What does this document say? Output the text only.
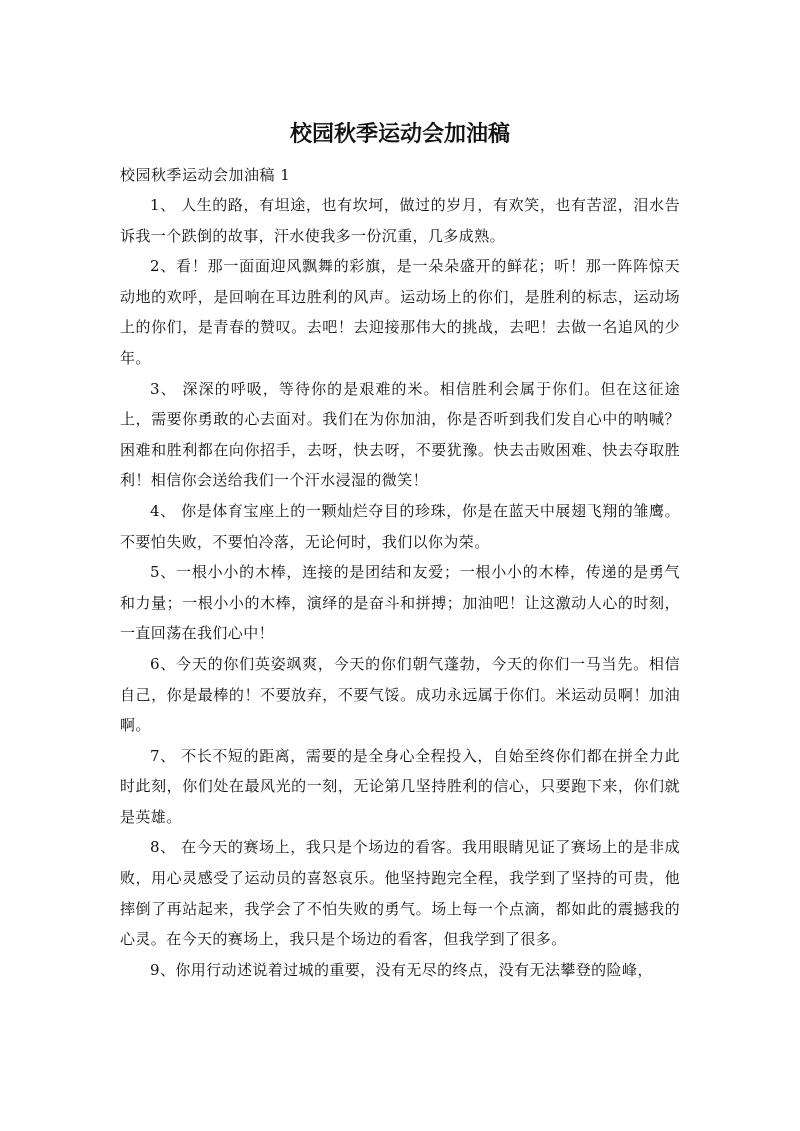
校园秋季运动会加油稿

校园秋季运动会加油稿 1

1、 人生的路，有坦途，也有坎坷，做过的岁月，有欢笑，也有苦涩，泪水告诉我一个跌倒的故事，汗水使我多一份沉重，几多成熟。

2、看！那一面面迎风飘舞的彩旗，是一朵朵盛开的鲜花；听！那一阵阵惊天动地的欢呼，是回响在耳边胜利的风声。运动场上的你们，是胜利的标志，运动场上的你们，是青春的赞叹。去吧！去迎接那伟大的挑战，去吧！去做一名追风的少年。

3、 深深的呼吸，等待你的是艰难的米。相信胜利会属于你们。但在这征途上，需要你勇敢的心去面对。我们在为你加油，你是否听到我们发自心中的呐喊？困难和胜利都在向你招手，去呀，快去呀，不要犹豫。快去击败困难、快去夺取胜利！相信你会送给我们一个汗水浸湿的微笑！

4、 你是体育宝座上的一颗灿烂夺目的珍珠，你是在蓝天中展翅飞翔的雏鹰。不要怕失败，不要怕冷落，无论何时，我们以你为荣。

5、一根小小的木棒，连接的是团结和友爱；一根小小的木棒，传递的是勇气和力量；一根小小的木棒，演绎的是奋斗和拼搏；加油吧！让这激动人心的时刻，一直回荡在我们心中！

6、今天的你们英姿飒爽，今天的你们朝气蓬勃，今天的你们一马当先。相信自己，你是最棒的！不要放弃，不要气馁。成功永远属于你们。米运动员啊！加油啊。

7、 不长不短的距离，需要的是全身心全程投入，自始至终你们都在拼全力此时此刻，你们处在最风光的一刻，无论第几坚持胜利的信心，只要跑下来，你们就是英雄。

8、 在今天的赛场上，我只是个场边的看客。我用眼睛见证了赛场上的是非成败，用心灵感受了运动员的喜怒哀乐。他坚持跑完全程，我学到了坚持的可贵，他摔倒了再站起来，我学会了不怕失败的勇气。场上每一个点滴，都如此的震撼我的心灵。在今天的赛场上，我只是个场边的看客，但我学到了很多。

9、你用行动述说着过城的重要，没有无尽的终点，没有无法攀登的险峰，
